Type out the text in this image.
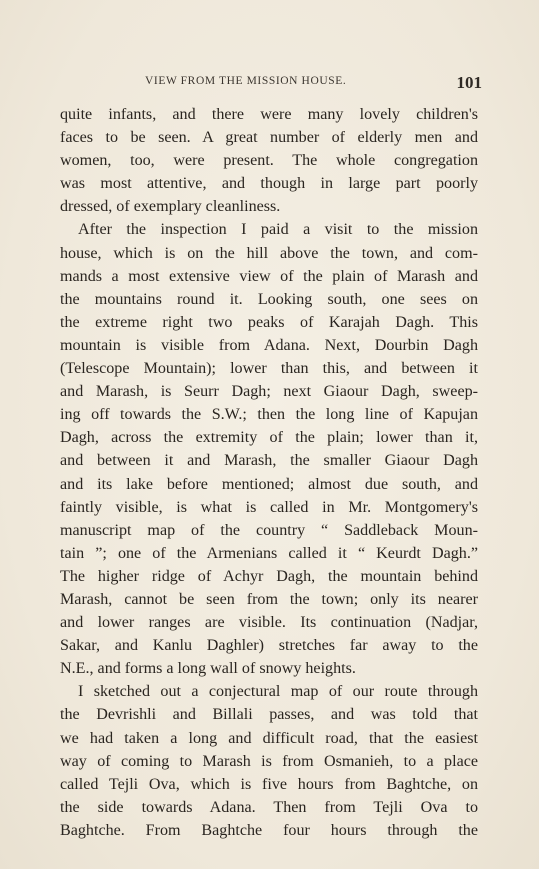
VIEW FROM THE MISSION HOUSE.	101
quite infants, and there were many lovely children's
faces to be seen. A great number of elderly men and
women, too, were present. The whole congregation
was most attentive, and though in large part poorly
dressed, of exemplary cleanliness.
After the inspection I paid a visit to the mission
house, which is on the hill above the town, and com-
mands a most extensive view of the plain of Marash and
the mountains round it. Looking south, one sees on
the extreme right two peaks of Karajah Dagh. This
mountain is visible from Adana. Next, Dourbin Dagh
(Telescope Mountain); lower than this, and between it
and Marash, is Seurr Dagh; next Giaour Dagh, sweep-
ing off towards the S.W.; then the long line of Kapujan
Dagh, across the extremity of the plain; lower than it,
and between it and Marash, the smaller Giaour Dagh
and its lake before mentioned; almost due south, and
faintly visible, is what is called in Mr. Montgomery's
manuscript map of the country “ Saddleback Moun-
tain ”; one of the Armenians called it “ Keurdt Dagh.”
The higher ridge of Achyr Dagh, the mountain behind
Marash, cannot be seen from the town; only its nearer
and lower ranges are visible. Its continuation (Nadjar,
Sakar, and Kanlu Daghler) stretches far away to the
N.E., and forms a long wall of snowy heights.
I sketched out a conjectural map of our route through
the Devrishli and Billali passes, and was told that
we had taken a long and difficult road, that the easiest
way of coming to Marash is from Osmanieh, to a place
called Tejli Ova, which is five hours from Baghtche, on
the side towards Adana. Then from Tejli Ova to
Baghtche. From Baghtche four hours through the
